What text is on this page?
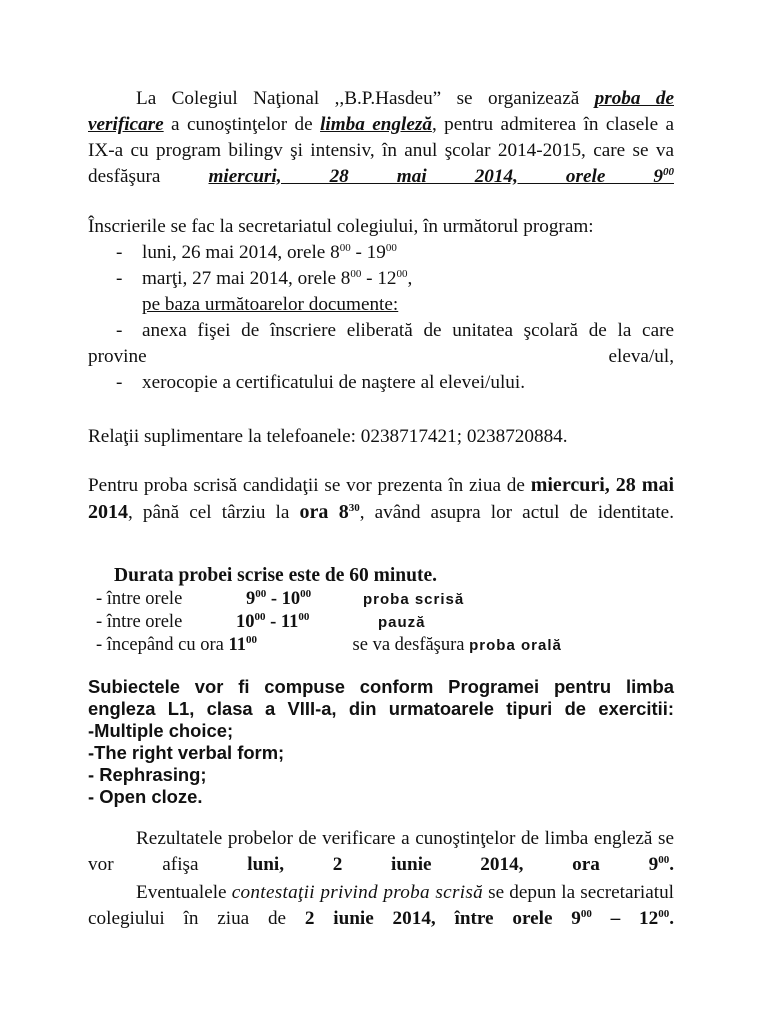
La Colegiul Naţional ,,B.P.Hasdeu” se organizează proba de verificare a cunoştinţelor de limba engleză, pentru admiterea în clasele a IX-a cu program bilingv şi intensiv, în anul şcolar 2014-2015, care se va desfăşura miercuri, 28 mai 2014, orele $9^{00}$
Înscrierile se fac la secretariatul colegiului, în următorul program:
- luni, 26 mai 2014, orele $8^{00} - 19^{00}$
- marţi, 27 mai 2014, orele $8^{00} - 12^{00}$,
pe baza următoarelor documente:
- anexa fişei de înscriere eliberată de unitatea şcolară de la care provine eleva/ul,
- xerocopie a certificatului de naştere al elevei/ului.
Relaţii suplimentare la telefoanele: 0238717421; 0238720884.
Pentru proba scrisă candidaţii se vor prezenta în ziua de miercuri, 28 mai 2014, până cel târziu la ora $8^{30}$, având asupra lor actul de identitate.
Durata probei scrise este de 60 minute.
- între orele	$9^{00} - 10^{00}$	proba scrisă
- între orele	$10^{00} - 11^{00}$	pauză
- începând cu ora $11^{00}$	se va desfăşura proba orală
Subiectele vor fi compuse conform Programei pentru limba engleza L1, clasa a VIII-a, din urmatoarele tipuri de exercitii:
-Multiple choice;
-The right verbal form;
- Rephrasing;
- Open cloze.
Rezultatele probelor de verificare a cunoştinţelor de limba engleză se vor afişa luni, 2 iunie 2014, ora $9^{00}$.
Eventualele contestaţii privind proba scrisă se depun la secretariatul colegiului în ziua de 2 iunie 2014, între orele $9^{00} - 12^{00}$.
